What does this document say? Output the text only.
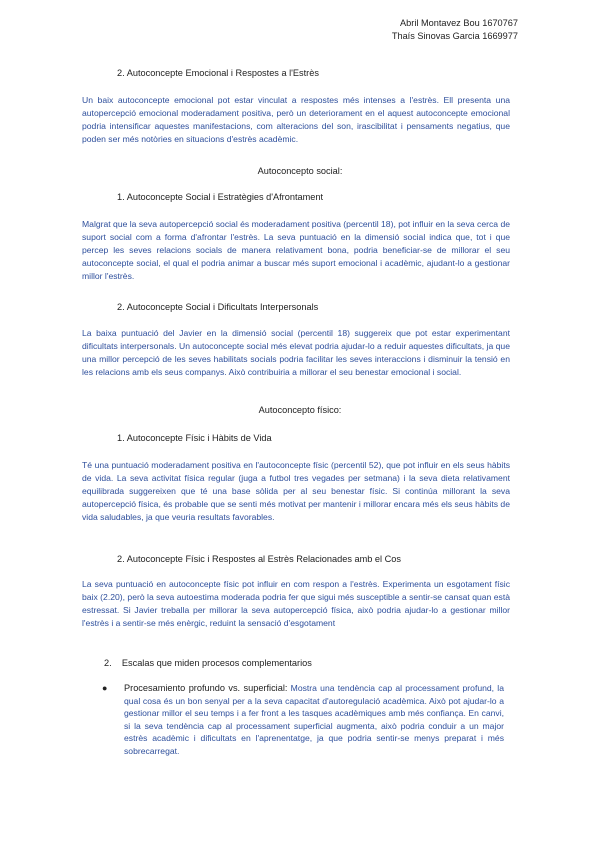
Abril Montavez Bou 1670767
Thaís Sinovas Garcia 1669977
2. Autoconcepte Emocional i Respostes a l'Estrès
Un baix autoconcepte emocional pot estar vinculat a respostes més intenses a l'estrès. Ell presenta una autopercepció emocional moderadament positiva, però un deteriorament en el aquest autoconcepte emocional podria intensificar aquestes manifestacions, com alteracions del son, irascibilitat i pensaments negatius, que poden ser més notòries en situacions d'estrès acadèmic.
Autoconcepto social:
1. Autoconcepte Social i Estratègies d'Afrontament
Malgrat que la seva autopercepció social és moderadament positiva (percentil 18), pot influir en la seva cerca de suport social com a forma d'afrontar l'estrès. La seva puntuació en la dimensió social indica que, tot i que percep les seves relacions socials de manera relativament bona, podria beneficiar-se de millorar el seu autoconcepte social, el qual el podria animar a buscar més suport emocional i acadèmic, ajudant-lo a gestionar millor l'estrès.
2. Autoconcepte Social i Dificultats Interpersonals
La baixa puntuació del Javier en la dimensió social (percentil 18) suggereix que pot estar experimentant dificultats interpersonals. Un autoconcepte social més elevat podria ajudar-lo a reduir aquestes dificultats, ja que una millor percepció de les seves habilitats socials podria facilitar les seves interaccions i disminuir la tensió en les relacions amb els seus companys. Això contribuiria a millorar el seu benestar emocional i social.
Autoconcepto físico:
1. Autoconcepte Físic i Hàbits de Vida
Té una puntuació moderadament positiva en l'autoconcepte físic (percentil 52), que pot influir en els seus hàbits de vida. La seva activitat física regular (juga a futbol tres vegades per setmana) i la seva dieta relativament equilibrada suggereixen que té una base sòlida per al seu benestar físic. Si continúa millorant la seva autopercepció física, és probable que se senti més motivat per mantenir i millorar encara més els seus hàbits de vida saludables, ja que veuria resultats favorables.
2. Autoconcepte Físic i Respostes al Estrès Relacionades amb el Cos
La seva puntuació en autoconcepte físic pot influir en com respon a l'estrès. Experimenta un esgotament físic baix (2.20), però la seva autoestima moderada podria fer que sigui més susceptible a sentir-se cansat quan està estressat. Si Javier treballa per millorar la seva autopercepció física, això podria ajudar-lo a gestionar millor l'estrès i a sentir-se més enèrgic, reduint la sensació d'esgotament
2.    Escalas que miden procesos complementarios
● Procesamiento profundo vs. superficial: Mostra una tendència cap al processament profund, la qual cosa és un bon senyal per a la seva capacitat d'autoregulació acadèmica. Això pot ajudar-lo a gestionar millor el seu temps i a fer front a les tasques acadèmiques amb més confiança. En canvi, si la seva tendència cap al processament superficial augmenta, això podria conduir a un major estrès acadèmic i dificultats en l'aprenentatge, ja que podria sentir-se menys preparat i més sobrecarregat.
